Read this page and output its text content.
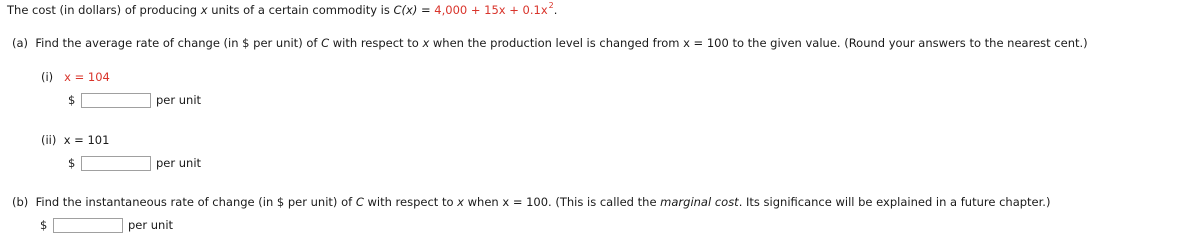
The cost (in dollars) of producing x units of a certain commodity is $C(x) = 4,000 + 15x + 0.1x^2$.
(a) Find the average rate of change (in $ per unit) of C with respect to x when the production level is changed from x = 100 to the given value. (Round your answers to the nearest cent.)
(i) x = 104
$	per unit
(ii) x = 101
$	per unit
(b) Find the instantaneous rate of change (in $ per unit) of C with respect to x when x = 100. (This is called the marginal cost. Its significance will be explained in a future chapter.)
$	per unit
